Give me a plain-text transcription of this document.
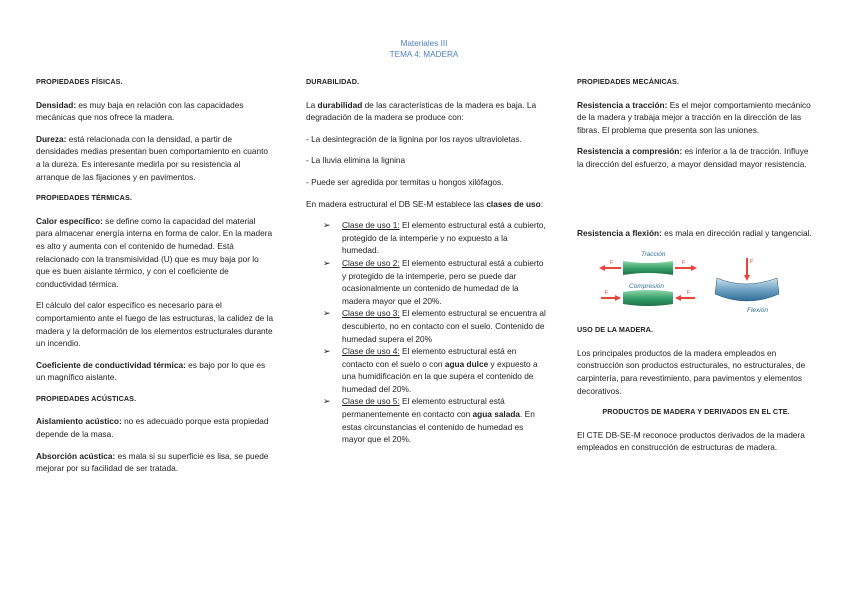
Materiales III
TEMA 4: MADERA
PROPIEDADES FÍSICAS.

Densidad: es muy baja en relación con las capacidades mecánicas que nos ofrece la madera.

Dureza: está relacionada con la densidad, a partir de densidades medias presentan buen comportamiento en cuanto a la dureza. Es interesante medirla por su resistencia al arranque de las fijaciones y en pavimentos.

PROPIEDADES TÉRMICAS.

Calor específico: se define como la capacidad del material para almacenar energía interna en forma de calor. En la madera es alto y aumenta con el contenido de humedad. Está relacionado con la transmisividad (U) que es muy baja por lo que es buen aislante térmico, y con el coeficiente de conductividad térmica.

El cálculo del calor específico es necesario para el comportamiento ante el fuego de las estructuras, la calidez de la madera y la deformación de los elementos estructurales durante un incendio.

Coeficiente de conductividad térmica: es bajo por lo que es un magnífico aislante.

PROPIEDADES ACÚSTICAS.

Aislamiento acústico: no es adecuado porque esta propiedad depende de la masa.

Absorción acústica: es mala si su superficie es lisa, se puede mejorar por su facilidad de ser tratada.

DURABILIDAD.

La durabilidad de las características de la madera es baja. La degradación de la madera se produce con:

- La desintegración de la lignina por los rayos ultravioletas.

- La lluvia elimina la lignina

- Puede ser agredida por termitas u hongos xilófagos.

En madera estructural el DB SE-M establece las clases de uso:

➢ Clase de uso 1: El elemento estructural está a cubierto, protegido de la intemperie y no expuesto a la humedad.
➢ Clase de uso 2: El elemento estructural está a cubierto y protegido de la intemperie, pero se puede dar ocasionalmente un contenido de humedad de la madera mayor que el 20%.
➢ Clase de uso 3: El elemento estructural se encuentra al descubierto, no en contacto con el suelo. Contenido de humedad supera el 20%
➢ Clase de uso 4: El elemento estructural está en contacto con el suelo o con agua dulce y expuesto a una humidificación en la que supera el contenido de humedad del 20%.
➢ Clase de uso 5: El elemento estructural está permanentemente en contacto con agua salada. En estas circunstancias el contenido de humedad es mayor que el 20%.
PROPIEDADES MECÁNICAS.

Resistencia a tracción: Es el mejor comportamiento mecánico de la madera y trabaja mejor a tracción en la dirección de las fibras. El problema que presenta son las uniones.

Resistencia a compresión: es inferior a la de tracción. Influye la dirección del esfuerzo, a mayor densidad mayor resistencia.

Resistencia a flexión: es mala en dirección radial y tangencial.

Tracción
F	F
Compresión
F	F
F
Flexión
USO DE LA MADERA.

Los principales productos de la madera empleados en construcción son productos estructurales, no estructurales, de carpintería, para revestimiento, para pavimentos y elementos decorativos.

PRODUCTOS DE MADERA Y DERIVADOS EN EL CTE.

El CTE DB-SE-M reconoce productos derivados de la madera empleados en construcción de estructuras de madera.
